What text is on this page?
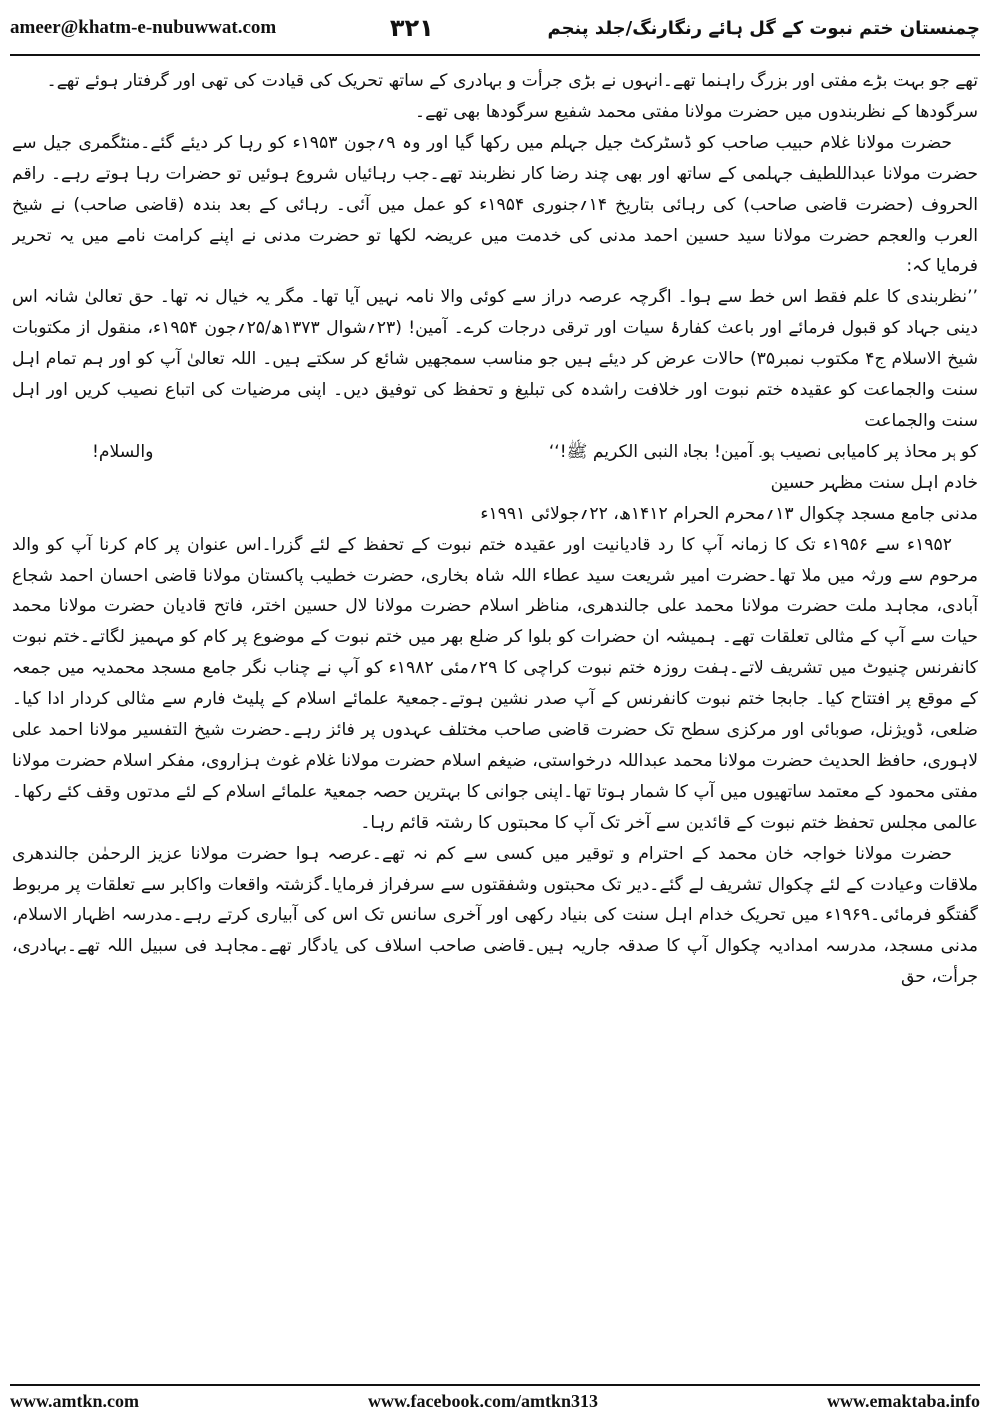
ameer@khatm-e-nubuwwat.com	۳۲۱	چمنستان ختم نبوت کے گل ہائے رنگارنگ/جلد پنجم

تھے جو بہت بڑے مفتی اور بزرگ راہنما تھے۔انہوں نے بڑی جرأت و بہادری کے ساتھ تحریک کی قیادت کی تھی اور گرفتار ہوئے تھے۔

سرگودھا کے نظربندوں میں حضرت مولانا مفتی محمد شفیع سرگودھا بھی تھے۔

حضرت مولانا غلام حبیب صاحب کو ڈسٹرکٹ جیل جہلم میں رکھا گیا اور وہ ۹؍جون ۱۹۵۳ء کو رہا کر دیئے گئے۔منٹگمری جیل سے حضرت مولانا عبداللطیف جہلمی کے ساتھ اور بھی چند رضا کار نظربند تھے۔جب رہائیاں شروع ہوئیں تو حضرات رہا ہوتے رہے۔ راقم الحروف (حضرت قاضی صاحب) کی رہائی بتاریخ ۱۴؍جنوری ۱۹۵۴ء کو عمل میں آئی۔ رہائی کے بعد بندہ (قاضی صاحب) نے شیخ العرب والعجم حضرت مولانا سید حسین احمد مدنی کی خدمت میں عریضہ لکھا تو حضرت مدنی نے اپنے کرامت نامے میں یہ تحریر فرمایا کہ:

’’نظربندی کا علم فقط اس خط سے ہوا۔ اگرچہ عرصہ دراز سے کوئی والا نامہ نہیں آیا تھا۔ مگر یہ خیال نہ تھا۔ حق تعالیٰ شانہ اس دینی جہاد کو قبول فرمائے اور باعث کفارۂ سیات اور ترقی درجات کرے۔ آمین! (۲۳؍شوال ۱۳۷۳ھ/۲۵؍جون ۱۹۵۴ء، منقول از مکتوبات شیخ الاسلام ج۴ مکتوب نمبر۳۵) حالات عرض کر دیئے ہیں جو مناسب سمجھیں شائع کر سکتے ہیں۔ اللہ تعالیٰ آپ کو اور ہم تمام اہل سنت والجماعت کو عقیدہ ختم نبوت اور خلافت راشدہ کی تبلیغ و تحفظ کی توفیق دیں۔ اپنی مرضیات کی اتباع نصیب کریں اور اہل سنت والجماعت

کو ہر محاذ پر کامیابی نصیب ہو۔ آمین! بجاہ النبی الکریم ﷺ!‘‘
والسلام!

خادم اہل سنت مظہر حسین

مدنی جامع مسجد چکوال ۱۳؍محرم الحرام ۱۴۱۲ھ، ۲۲؍جولائی ۱۹۹۱ء

۱۹۵۲ء سے ۱۹۵۶ء تک کا زمانہ آپ کا رد قادیانیت اور عقیدہ ختم نبوت کے تحفظ کے لئے گزرا۔اس عنوان پر کام کرنا آپ کو والد مرحوم سے ورثہ میں ملا تھا۔حضرت امیر شریعت سید عطاء اللہ شاہ بخاری، حضرت خطیب پاکستان مولانا قاضی احسان احمد شجاع آبادی، مجاہد ملت حضرت مولانا محمد علی جالندھری، مناظر اسلام حضرت مولانا لال حسین اختر، فاتح قادیان حضرت مولانا محمد حیات سے آپ کے مثالی تعلقات تھے۔ ہمیشہ ان حضرات کو بلوا کر ضلع بھر میں ختم نبوت کے موضوع پر کام کو مہمیز لگاتے۔ختم نبوت کانفرنس چنیوٹ میں تشریف لاتے۔ہفت روزہ ختم نبوت کراچی کا ۲۹؍مئی ۱۹۸۲ء کو آپ نے چناب نگر جامع مسجد محمدیہ میں جمعہ کے موقع پر افتتاح کیا۔ جابجا ختم نبوت کانفرنس کے آپ صدر نشین ہوتے۔جمعیۃ علمائے اسلام کے پلیٹ فارم سے مثالی کردار ادا کیا۔ ضلعی، ڈویژنل، صوبائی اور مرکزی سطح تک حضرت قاضی صاحب مختلف عہدوں پر فائز رہے۔حضرت شیخ التفسیر مولانا احمد علی لاہوری، حافظ الحدیث حضرت مولانا محمد عبداللہ درخواستی، ضیغم اسلام حضرت مولانا غلام غوث ہزاروی، مفکر اسلام حضرت مولانا مفتی محمود کے معتمد ساتھیوں میں آپ کا شمار ہوتا تھا۔اپنی جوانی کا بہترین حصہ جمعیۃ علمائے اسلام کے لئے مدتوں وقف کئے رکھا۔ عالمی مجلس تحفظ ختم نبوت کے قائدین سے آخر تک آپ کا محبتوں کا رشتہ قائم رہا۔

حضرت مولانا خواجہ خان محمد کے احترام و توقیر میں کسی سے کم نہ تھے۔عرصہ ہوا حضرت مولانا عزیز الرحمٰن جالندھری ملاقات وعیادت کے لئے چکوال تشریف لے گئے۔دیر تک محبتوں وشفقتوں سے سرفراز فرمایا۔گزشتہ واقعات واکابر سے تعلقات پر مربوط گفتگو فرمائی۔۱۹۶۹ء میں تحریک خدام اہل سنت کی بنیاد رکھی اور آخری سانس تک اس کی آبیاری کرتے رہے۔مدرسہ اظہار الاسلام، مدنی مسجد، مدرسہ امدادیہ چکوال آپ کا صدقہ جاریہ ہیں۔قاضی صاحب اسلاف کی یادگار تھے۔مجاہد فی سبیل اللہ تھے۔بہادری، جرأت، حق

www.amtkn.com	www.facebook.com/amtkn313	www.emaktaba.info
